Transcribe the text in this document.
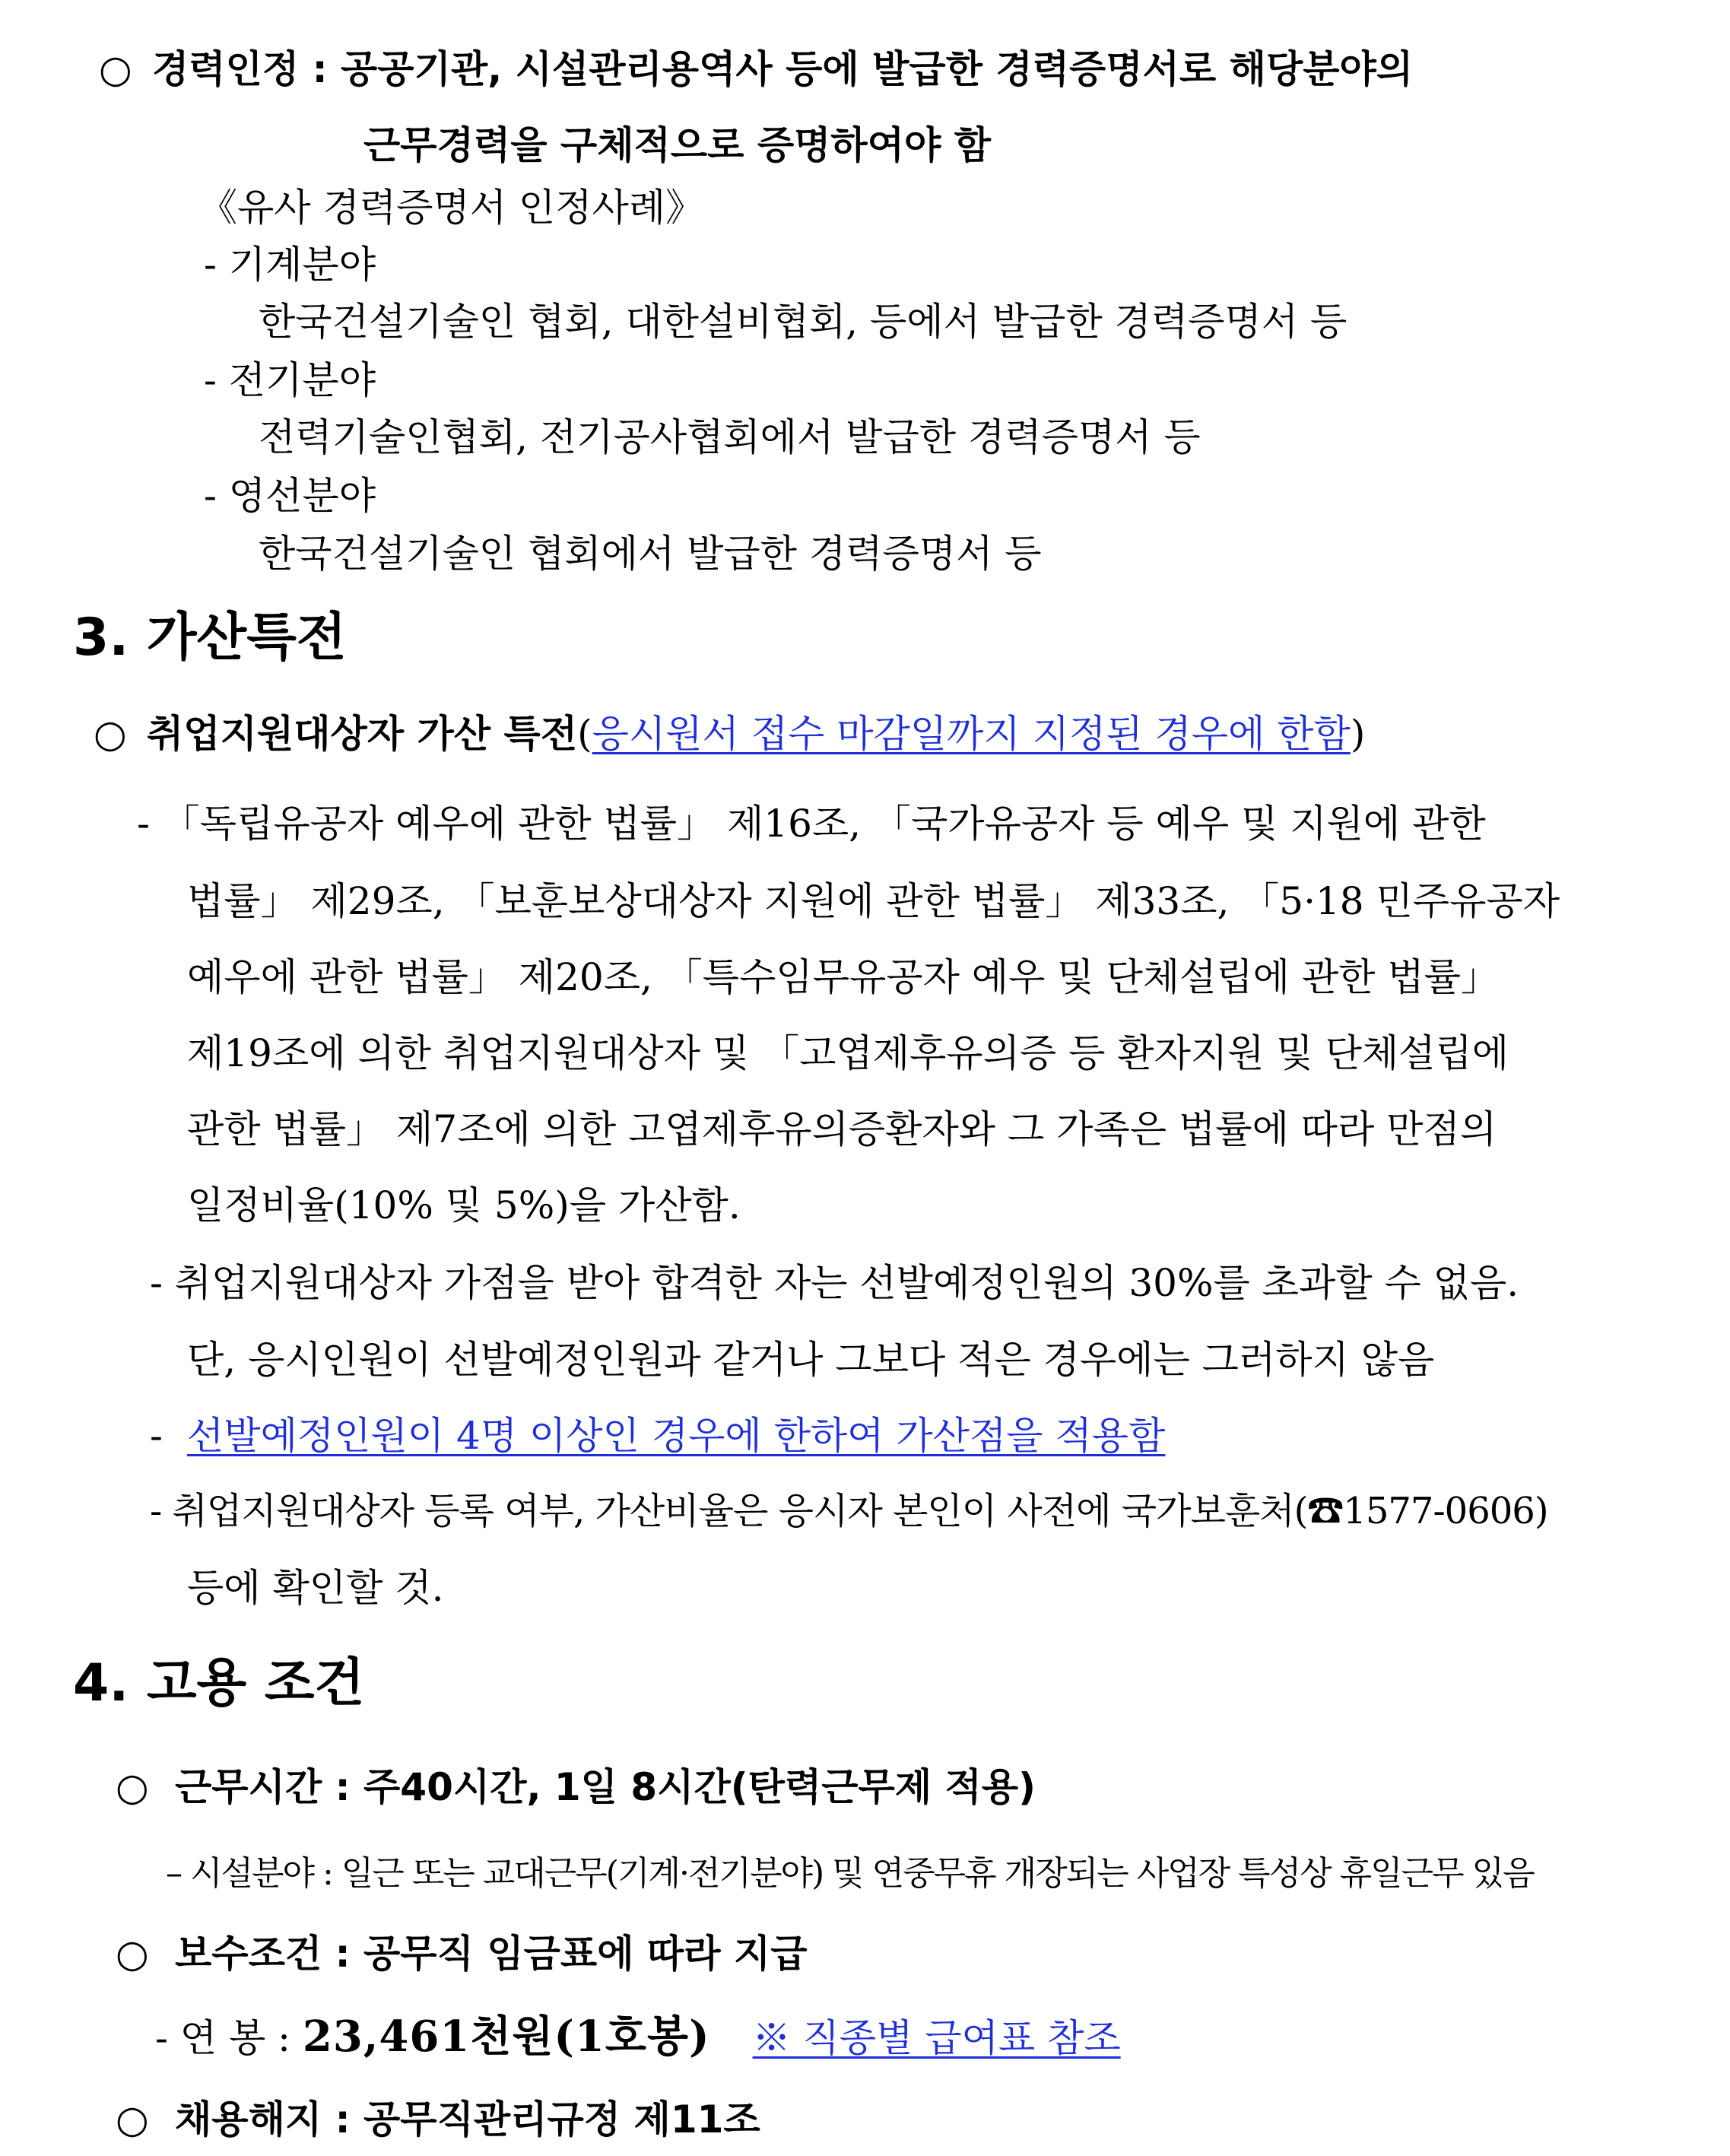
○ 경력인정 : 공공기관, 시설관리용역사 등에 발급한 경력증명서로 해당분야의
근무경력을 구체적으로 증명하여야 함
《유사 경력증명서 인정사례》
- 기계분야
한국건설기술인 협회, 대한설비협회, 등에서 발급한 경력증명서 등
- 전기분야
전력기술인협회, 전기공사협회에서 발급한 경력증명서 등
- 영선분야
한국건설기술인 협회에서 발급한 경력증명서 등
3. 가산특전
○ 취업지원대상자 가산 특전(응시원서 접수 마감일까지 지정된 경우에 한함)
- 「독립유공자 예우에 관한 법률」 제16조, 「국가유공자 등 예우 및 지원에 관한
법률」 제29조, 「보훈보상대상자 지원에 관한 법률」 제33조, 「5·18 민주유공자
예우에 관한 법률」 제20조, 「특수임무유공자 예우 및 단체설립에 관한 법률」
제19조에 의한 취업지원대상자 및 「고엽제후유의증 등 환자지원 및 단체설립에
관한 법률」 제7조에 의한 고엽제후유의증환자와 그 가족은 법률에 따라 만점의
일정비율(10% 및 5%)을 가산함.
- 취업지원대상자 가점을 받아 합격한 자는 선발예정인원의 30%를 초과할 수 없음.
단, 응시인원이 선발예정인원과 같거나 그보다 적은 경우에는 그러하지 않음
- 선발예정인원이 4명 이상인 경우에 한하여 가산점을 적용함
- 취업지원대상자 등록 여부, 가산비율은 응시자 본인이 사전에 국가보훈처(☎1577-0606)
등에 확인할 것.
4. 고용 조건
○ 근무시간 : 주40시간, 1일 8시간(탄력근무제 적용)
– 시설분야 : 일근 또는 교대근무(기계·전기분야) 및 연중무휴 개장되는 사업장 특성상 휴일근무 있음
○ 보수조건 : 공무직 임금표에 따라 지급
- 연 봉 : 23,461천원(1호봉) ※ 직종별 급여표 참조
○ 채용해지 : 공무직관리규정 제11조
